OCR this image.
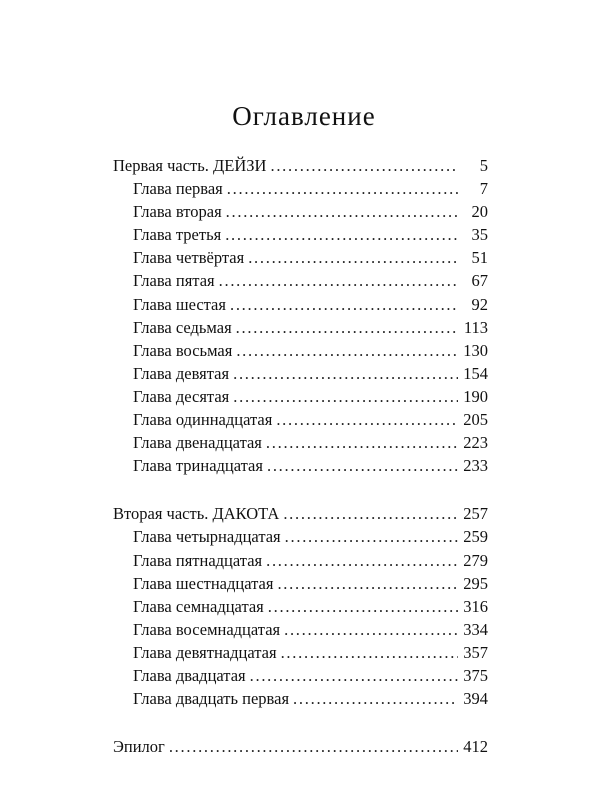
Оглавление
Первая часть. ДЕЙЗИ . . .	5
Глава первая . . .	7
Глава вторая . . .	20
Глава третья . . .	35
Глава четвёртая . . .	51
Глава пятая . . .	67
Глава шестая . . .	92
Глава седьмая . . .	113
Глава восьмая . . .	130
Глава девятая . . .	154
Глава десятая . . .	190
Глава одиннадцатая . . .	205
Глава двенадцатая . . .	223
Глава тринадцатая . . .	233
Вторая часть. ДАКОТА . . .	257
Глава четырнадцатая . . .	259
Глава пятнадцатая . . .	279
Глава шестнадцатая . . .	295
Глава семнадцатая . . .	316
Глава восемнадцатая . . .	334
Глава девятнадцатая . . .	357
Глава двадцатая . . .	375
Глава двадцать первая . . .	394
Эпилог . . .	412
